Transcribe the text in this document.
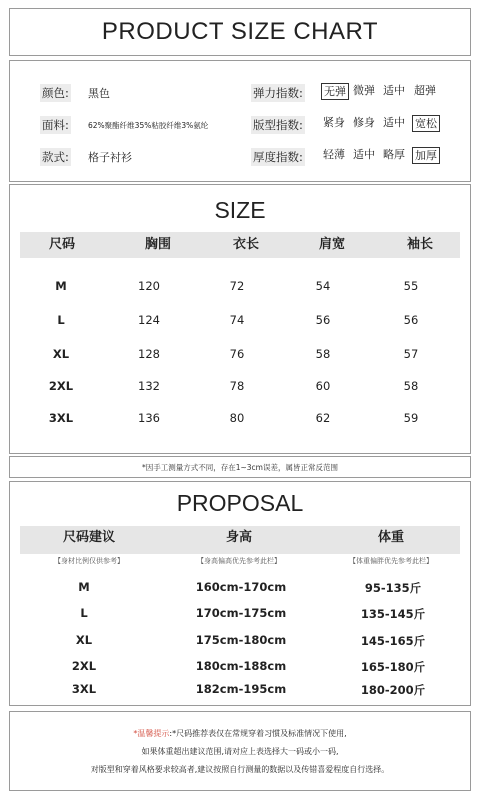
PRODUCT SIZE CHART
颜色: 黑色
面料:	62%聚酯纤维35%粘胶纤维3%氨纶
款式: 格子衬衫
弹力指数: 无弹 微弹 适中 超弹
版型指数: 紧身 修身 适中 宽松
厚度指数: 轻薄 适中 略厚 加厚
SIZE
尺码	胸围	衣长	肩宽	袖长
M	120	72	54	55
L	124	74	56	56
XL	128	76	58	57
2XL	132	78	60	58
3XL	136	80	62	59
*因手工测量方式不同，存在1~3cm误差，属皆正常反范围
PROPOSAL
尺码建议	身高	体重
【身材比例仅供参考】	【身高偏高优先参考此栏】	【体重偏胖优先参考此栏】
M	160cm-170cm	95-135斤
L	170cm-175cm	135-145斤
XL	175cm-180cm	145-165斤
2XL	180cm-188cm	165-180斤
3XL	182cm-195cm	180-200斤
*温馨提示:*尺码推荐表仅在常规穿着习惯及标准情况下使用,
如果体重超出建议范围,请对应上表选择大一码或小一码,
对版型和穿着风格要求较高者,建议按照自行测量的数据以及传错喜爱程度自行选择。
